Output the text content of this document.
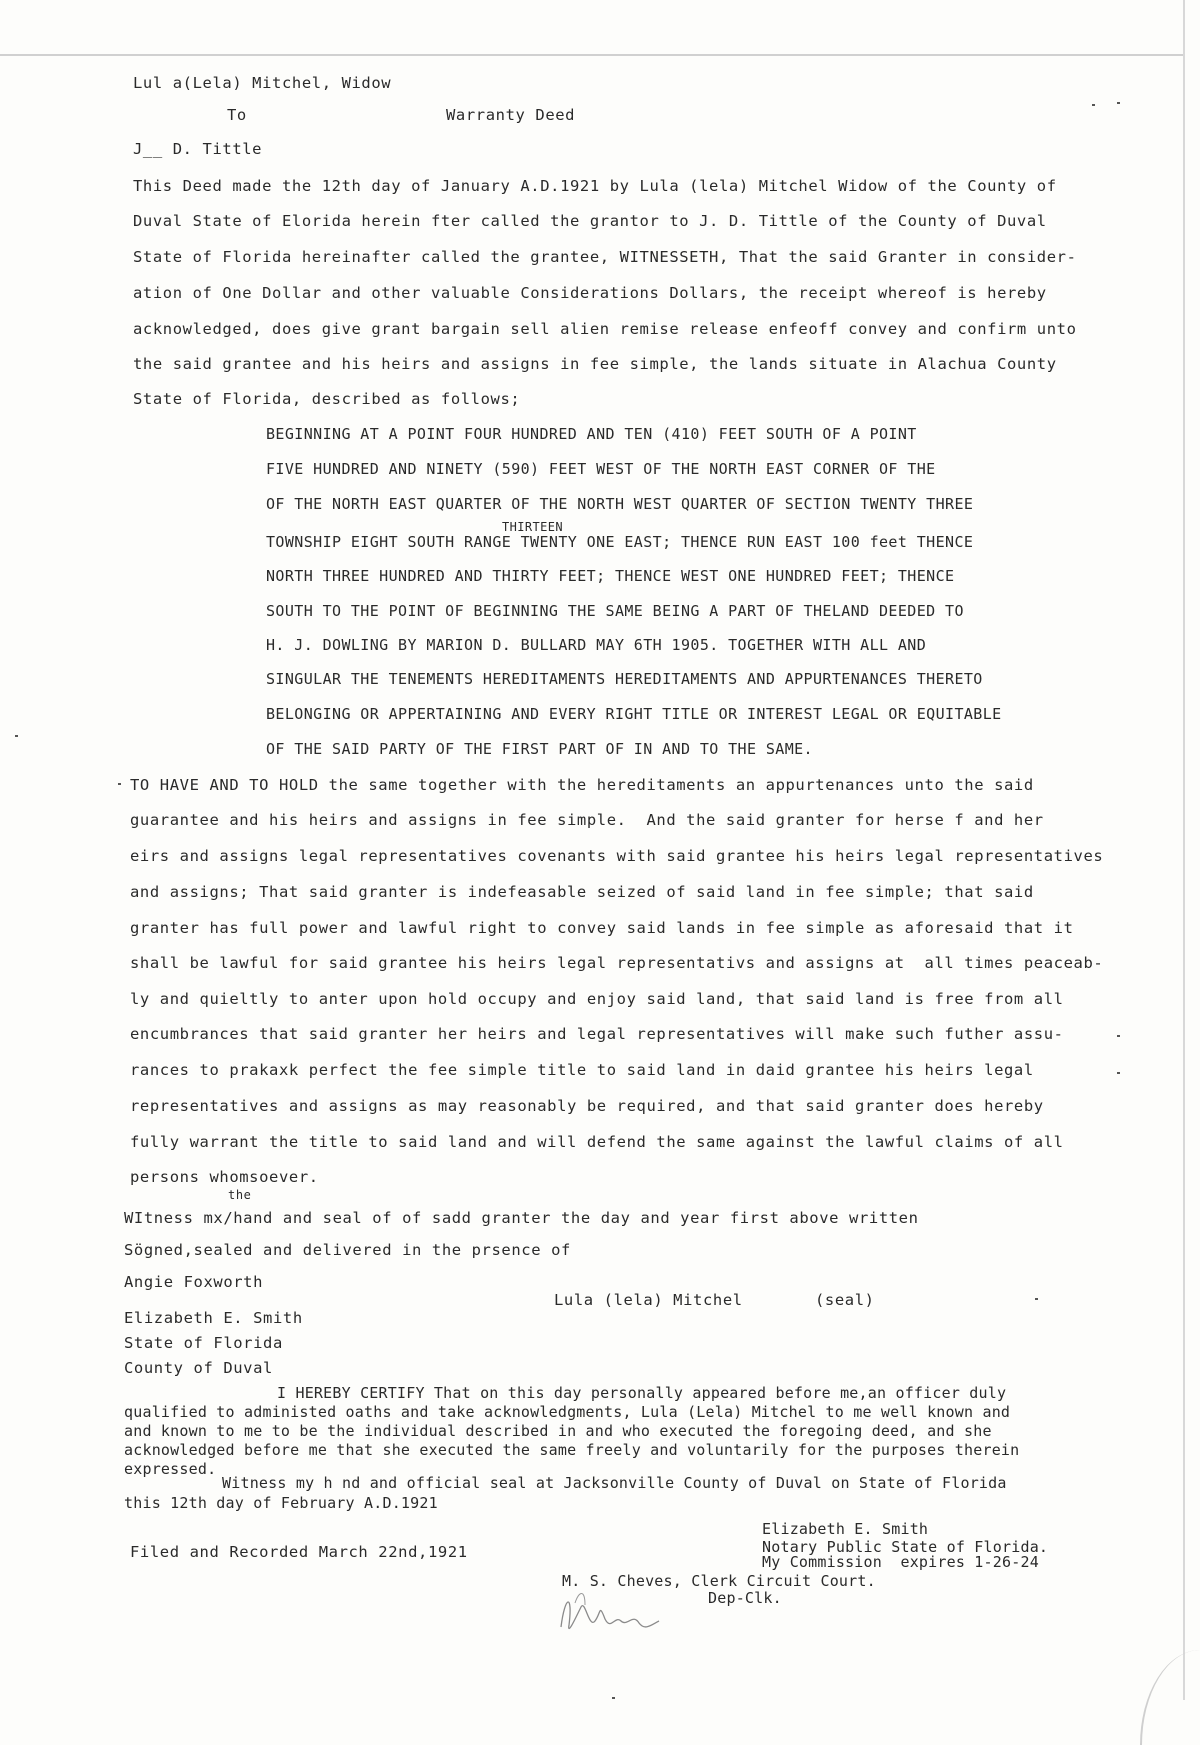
Lul a(Lela) Mitchel, Widow
To	Warranty Deed
J__ D. Tittle
This Deed made the 12th day of January A.D.1921 by Lula (lela) Mitchel Widow of the County of
Duval State of Elorida herein fter called the grantor to J. D. Tittle of the County of Duval
State of Florida hereinafter called the grantee, WITNESSETH, That the said Granter in consider-
ation of One Dollar and other valuable Considerations Dollars, the receipt whereof is hereby
acknowledged, does give grant bargain sell alien remise release enfeoff convey and confirm unto
the said grantee and his heirs and assigns in fee simple, the lands situate in Alachua County
State of Florida, described as follows;
BEGINNING AT A POINT FOUR HUNDRED AND TEN (410) FEET SOUTH OF A POINT
FIVE HUNDRED AND NINETY (590) FEET WEST OF THE NORTH EAST CORNER OF THE
OF THE NORTH EAST QUARTER OF THE NORTH WEST QUARTER OF SECTION TWENTY THREE
THIRTEEN
TOWNSHIP EIGHT SOUTH RANGE TWENTY ONE EAST; THENCE RUN EAST 100 feet THENCE
NORTH THREE HUNDRED AND THIRTY FEET; THENCE WEST ONE HUNDRED FEET; THENCE
SOUTH TO THE POINT OF BEGINNING THE SAME BEING A PART OF THELAND DEEDED TO
H. J. DOWLING BY MARION D. BULLARD MAY 6TH 1905. TOGETHER WITH ALL AND
SINGULAR THE TENEMENTS HEREDITAMENTS HEREDITAMENTS AND APPURTENANCES THERETO
BELONGING OR APPERTAINING AND EVERY RIGHT TITLE OR INTEREST LEGAL OR EQUITABLE
OF THE SAID PARTY OF THE FIRST PART OF IN AND TO THE SAME.
TO HAVE AND TO HOLD the same together with the hereditaments an appurtenances unto the said
guarantee and his heirs and assigns in fee simple.  And the said granter for herse f and her
eirs and assigns legal representatives covenants with said grantee his heirs legal representatives
and assigns; That said granter is indefeasable seized of said land in fee simple; that said
granter has full power and lawful right to convey said lands in fee simple as aforesaid that it
shall be lawful for said grantee his heirs legal representativs and assigns at  all times peaceab-
ly and quieltly to anter upon hold occupy and enjoy said land, that said land is free from all
encumbrances that said granter her heirs and legal representatives will make such futher assu-
rances to prakaxk perfect the fee simple title to said land in daid grantee his heirs legal
representatives and assigns as may reasonably be required, and that said granter does hereby
fully warrant the title to said land and will defend the same against the lawful claims of all
persons whomsoever.
the
WItness mx/hand and seal of of sadd granter the day and year first above written
Sögned,sealed and delivered in the prsence of
Angie Foxworth
Lula (lela) Mitchel	(seal)
Elizabeth E. Smith
State of Florida
County of Duval
I HEREBY CERTIFY That on this day personally appeared before me,an officer duly
qualified to administed oaths and take acknowledgments, Lula (Lela) Mitchel to me well known and
and known to me to be the individual described in and who executed the foregoing deed, and she
acknowledged before me that she executed the same freely and voluntarily for the purposes therein
expressed.
Witness my h nd and official seal at Jacksonville County of Duval on State of Florida
this 12th day of February A.D.1921
Elizabeth E. Smith
Notary Public State of Florida.
My Commission  expires 1-26-24
Filed and Recorded March 22nd,1921
M. S. Cheves, Clerk Circuit Court.
Dep-Clk.
